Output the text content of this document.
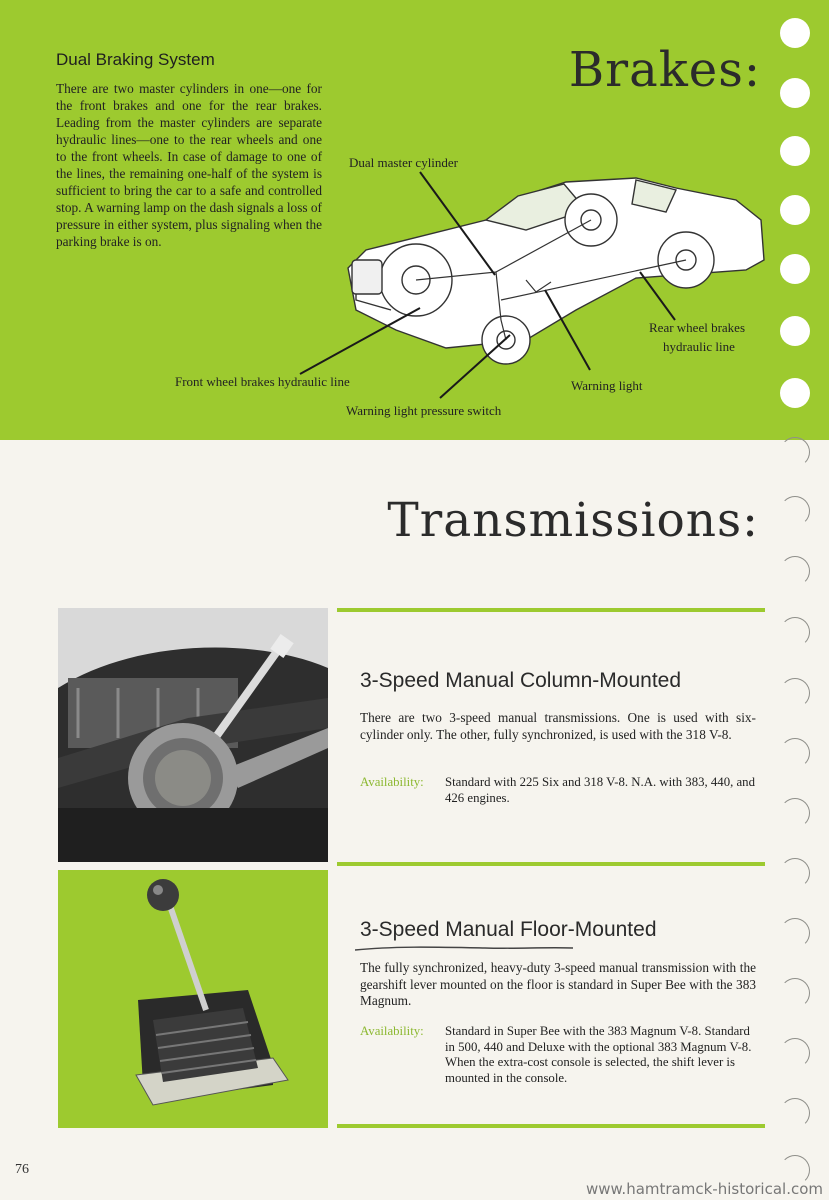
Dual Braking System
There are two master cylinders in one—one for the front brakes and one for the rear brakes. Leading from the master cylinders are separate hydraulic lines—one to the rear wheels and one to the front wheels. In case of damage to one of the lines, the remaining one-half of the system is sufficient to bring the car to a safe and controlled stop. A warning lamp on the dash signals a loss of pressure in either system, plus signaling when the parking brake is on.
Brakes:
Dual master cylinder
Rear wheel brakes
hydraulic line
Front wheel brakes hydraulic line	Warning light
Warning light pressure switch
Transmissions:
3-Speed Manual Column-Mounted
There are two 3-speed manual transmissions. One is used with six-cylinder only. The other, fully synchronized, is used with the 318 V-8.
Availability: Standard with 225 Six and 318 V-8. N.A. with 383, 440, and 426 engines.
3-Speed Manual Floor-Mounted
The fully synchronized, heavy-duty 3-speed manual transmission with the gearshift lever mounted on the floor is standard in Super Bee with the 383 Magnum.
Availability: Standard in Super Bee with the 383 Magnum V-8. Standard in 500, 440 and Deluxe with the optional 383 Magnum V-8. When the extra-cost console is selected, the shift lever is mounted in the console.
76
www.hamtramck-historical.com
